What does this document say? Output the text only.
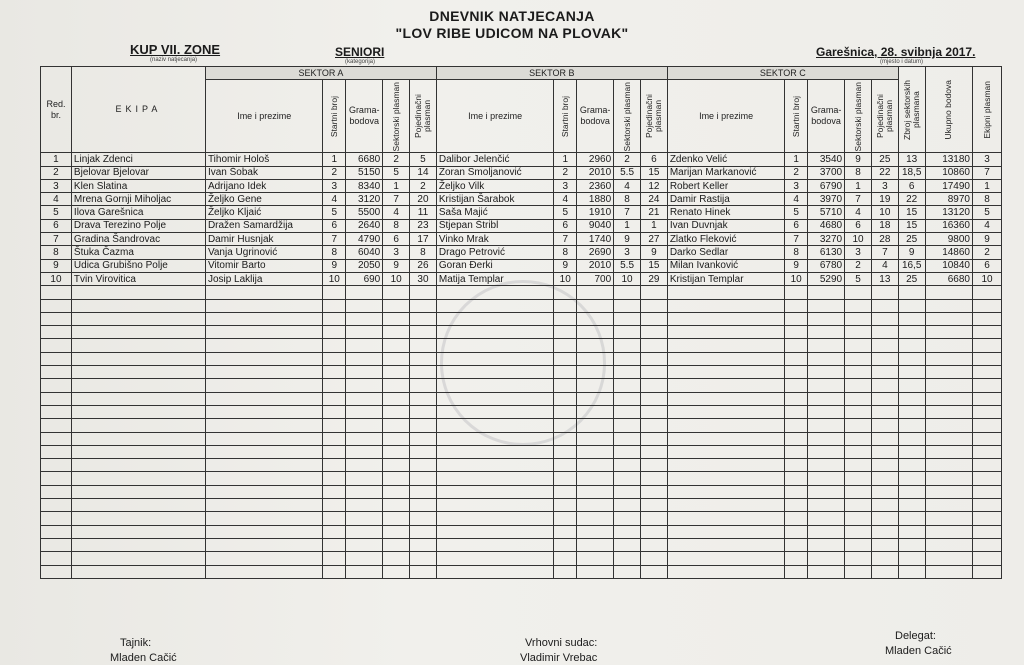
DNEVNIK NATJECANJA
"LOV RIBE UDICOM NA PLOVAK"
KUP VII. ZONE
(naziv natjecanja)
SENIORI
(kategorija)
Garešnica, 28. svibnja 2017.
(mjesto i datum)
Red. br.	EKIPA	SEKTOR A					SEKTOR B					SEKTOR C					Zbroj sektorskih plasmana	Ukupno bodova	Ekipni plasman

		Ime i prezime	Startni broj	Grama-bodova	Sektorski plasman	Pojedinačni plasman	Ime i prezime	Startni broj	Grama-bodova	Sektorski plasman	Pojedinačni plasman	Ime i prezime	Startni broj	Grama-bodova	Sektorski plasman	Pojedinačni plasman			

1	Linjak Zdenci	Tihomir Hološ	1	6680	2	5	Dalibor Jelenčić	1	2960	2	6	Zdenko Velić	1	3540	9	25	13	13180	3
2	Bjelovar Bjelovar	Ivan Šobak	2	5150	5	14	Zoran Smoljanović	2	2010	5.5	15	Marijan Markanović	2	3700	8	22	18,5	10860	7
3	Klen Slatina	Adrijano Idek	3	8340	1	2	Željko Vilk	3	2360	4	12	Robert Keller	3	6790	1	3	6	17490	1
4	Mrena Gornji Miholjac	Željko Gene	4	3120	7	20	Kristijan Šarabok	4	1880	8	24	Damir Rastija	4	3970	7	19	22	8970	8
5	Ilova Garešnica	Željko Kljaić	5	5500	4	11	Saša Majić	5	1910	7	21	Renato Hinek	5	5710	4	10	15	13120	5
6	Drava Terezino Polje	Dražen Samardžija	6	2640	8	23	Stjepan Štribl	6	9040	1	1	Ivan Duvnjak	6	4680	6	18	15	16360	4
7	Gradina Šandrovac	Damir Husnjak	7	4790	6	17	Vinko Mrak	7	1740	9	27	Zlatko Fleković	7	3270	10	28	25	9800	9
8	Štuka Čazma	Vanja Ugrinović	8	6040	3	8	Drago Petrović	8	2690	3	9	Darko Sedlar	8	6130	3	7	9	14860	2
9	Udica Grubišno Polje	Vitomir Barto	9	2050	9	26	Goran Đerki	9	2010	5.5	15	Milan Ivanković	9	6780	2	4	16,5	10840	6
10	Tvin Virovitica	Josip Laklija	10	690	10	30	Matija Templar	10	700	10	29	Kristijan Templar	10	5290	5	13	25	6680	10

Tajnik:
Mladen Cačić
Vrhovni sudac:
Vladimir Vrebac
Delegat:
Mladen Cačić
